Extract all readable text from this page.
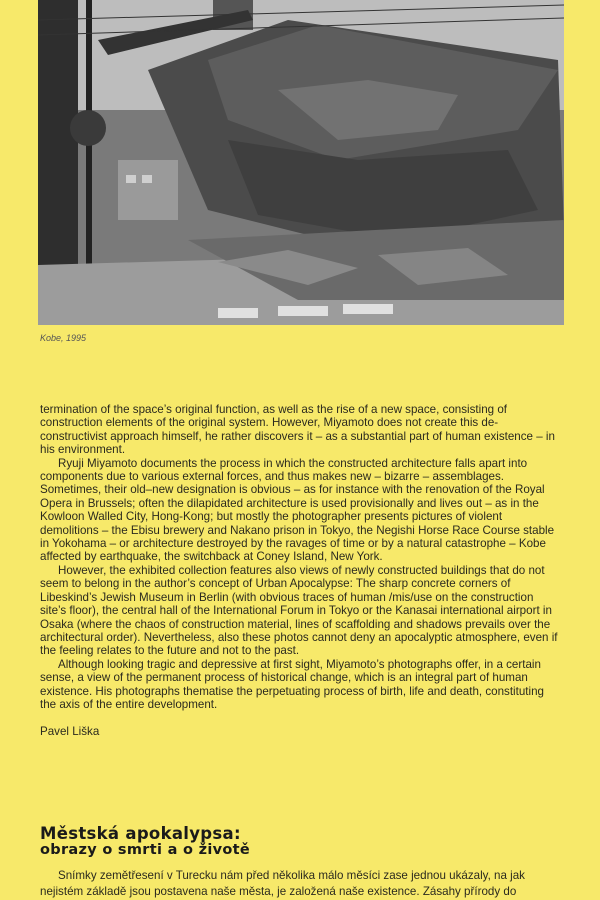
Kobe, 1995

termination of the space’s original function, as well as the rise of a new space, consisting of construction elements of the original system. However, Miyamoto does not create this de-constructivist approach himself, he rather discovers it – as a substantial part of human existence – in his environment.

Ryuji Miyamoto documents the process in which the constructed architecture falls apart into components due to various external forces, and thus makes new – bizarre – assemblages. Sometimes, their old–new designation is obvious – as for instance with the renovation of the Royal Opera in Brussels; often the dilapidated architecture is used provisionally and lives out – as in the Kowloon Walled City, Hong-Kong; but mostly the photographer presents pictures of violent demolitions – the Ebisu brewery and Nakano prison in Tokyo, the Negishi Horse Race Course stable in Yokohama – or architecture destroyed by the ravages of time or by a natural catastrophe – Kobe affected by earthquake, the switchback at Coney Island, New York.

However, the exhibited collection features also views of newly constructed buildings that do not seem to belong in the author’s concept of Urban Apocalypse: The sharp concrete corners of Libeskind’s Jewish Museum in Berlin (with obvious traces of human /mis/use on the construction site’s floor), the central hall of the International Forum in Tokyo or the Kanasai international airport in Osaka (where the chaos of construction material, lines of scaffolding and shadows prevails over the architectural order). Nevertheless, also these photos cannot deny an apocalyptic atmosphere, even if the feeling relates to the future and not to the past.

Although looking tragic and depressive at first sight, Miyamoto’s photographs offer, in a certain sense, a view of the permanent process of historical change, which is an integral part of human existence. His photographs thematise the perpetuating process of birth, life and death, constituting the axis of the entire development.

Pavel Liška

Městská apokalypsa:
obrazy o smrti a o životě

Snímky zemětřesení v Turecku nám před několika málo měsíci zase jednou ukázaly, na jak nejistém základě jsou postavena naše města, je založená naše existence. Zásahy přírody do
